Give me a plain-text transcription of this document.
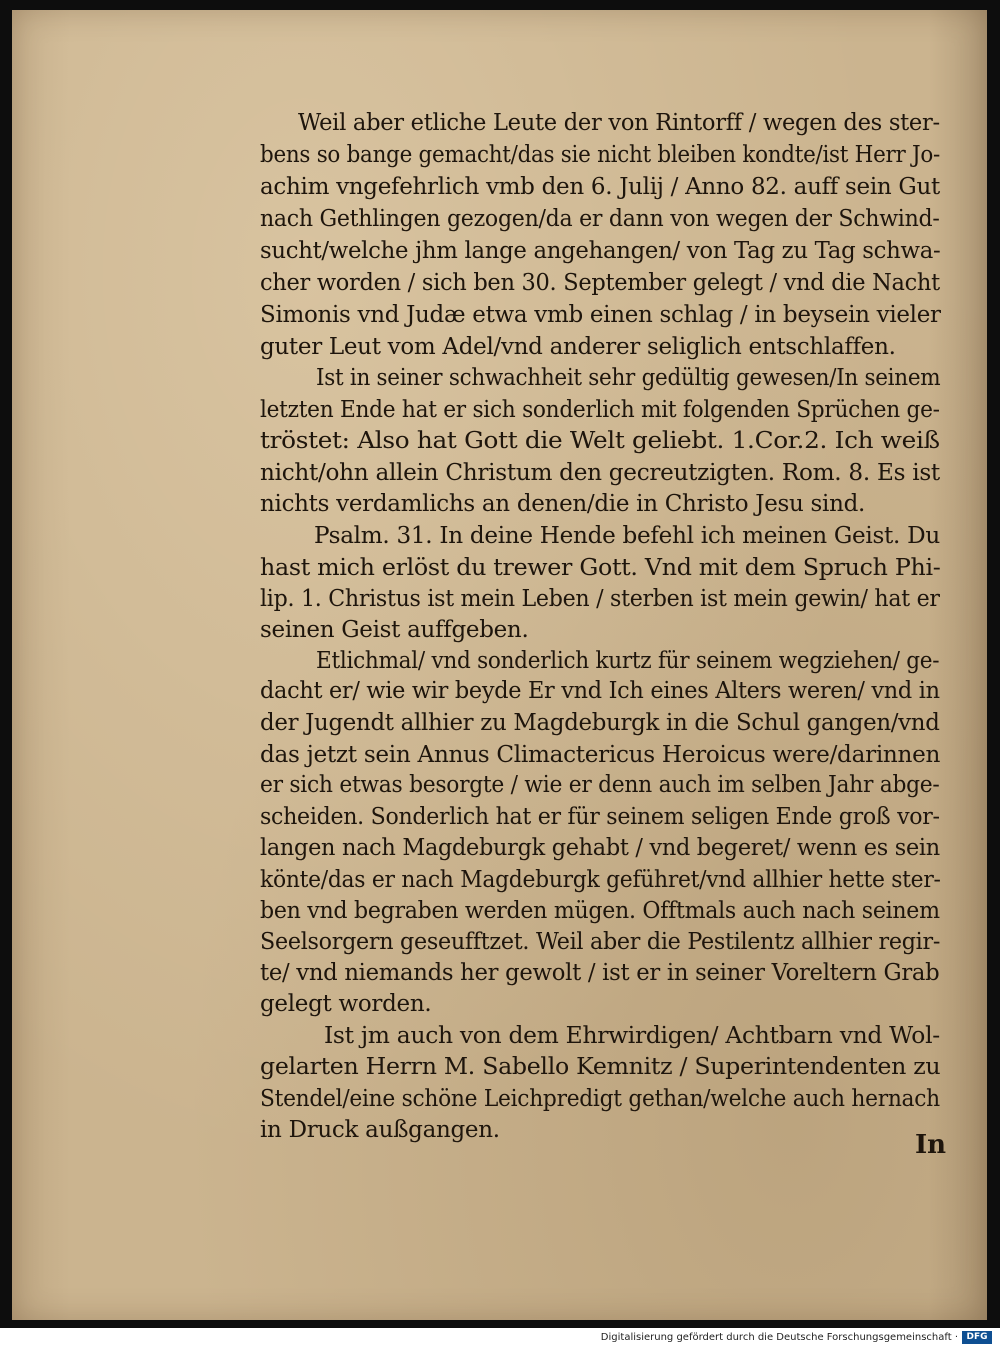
Weil aber etliche Leute der von Rintorff / wegen des ster-
bens so bange gemacht/das sie nicht bleiben kondte/ist Herr Jo-
achim vngefehrlich vmb den 6. Julij / Anno 82. auff sein Gut
nach Gethlingen gezogen/da er dann von wegen der Schwind-
sucht/welche jhm lange angehangen/ von Tag zu Tag schwa-
cher worden / sich ben 30. September gelegt / vnd die Nacht
Simonis vnd Judæ etwa vmb einen schlag / in beysein vieler
guter Leut vom Adel/vnd anderer seliglich entschlaffen.
Ist in seiner schwachheit sehr gedültig gewesen/In seinem
letzten Ende hat er sich sonderlich mit folgenden Sprüchen ge-
tröstet: Also hat Gott die Welt geliebt. 1.Cor.2. Ich weiß
nicht/ohn allein Christum den gecreutzigten. Rom. 8. Es ist
nichts verdamlichs an denen/die in Christo Jesu sind.
Psalm. 31. In deine Hende befehl ich meinen Geist. Du
hast mich erlöst du trewer Gott. Vnd mit dem Spruch Phi-
lip. 1. Christus ist mein Leben / sterben ist mein gewin/ hat er
seinen Geist auffgeben.
Etlichmal/ vnd sonderlich kurtz für seinem wegziehen/ ge-
dacht er/ wie wir beyde Er vnd Ich eines Alters weren/ vnd in
der Jugendt allhier zu Magdeburgk in die Schul gangen/vnd
das jetzt sein Annus Climactericus Heroicus were/darinnen
er sich etwas besorgte / wie er denn auch im selben Jahr abge-
scheiden. Sonderlich hat er für seinem seligen Ende groß vor-
langen nach Magdeburgk gehabt / vnd begeret/ wenn es sein
könte/das er nach Magdeburgk geführet/vnd allhier hette ster-
ben vnd begraben werden mügen. Offtmals auch nach seinem
Seelsorgern geseufftzet. Weil aber die Pestilentz allhier regir-
te/ vnd niemands her gewolt / ist er in seiner Voreltern Grab
gelegt worden.
Ist jm auch von dem Ehrwirdigen/ Achtbarn vnd Wol-
gelarten Herrn M. Sabello Kemnitz / Superintendenten zu
Stendel/eine schöne Leichpredigt gethan/welche auch hernach
in Druck außgangen.	In
Digitalisierung gefördert durch die Deutsche Forschungsgemeinschaft · DFG
